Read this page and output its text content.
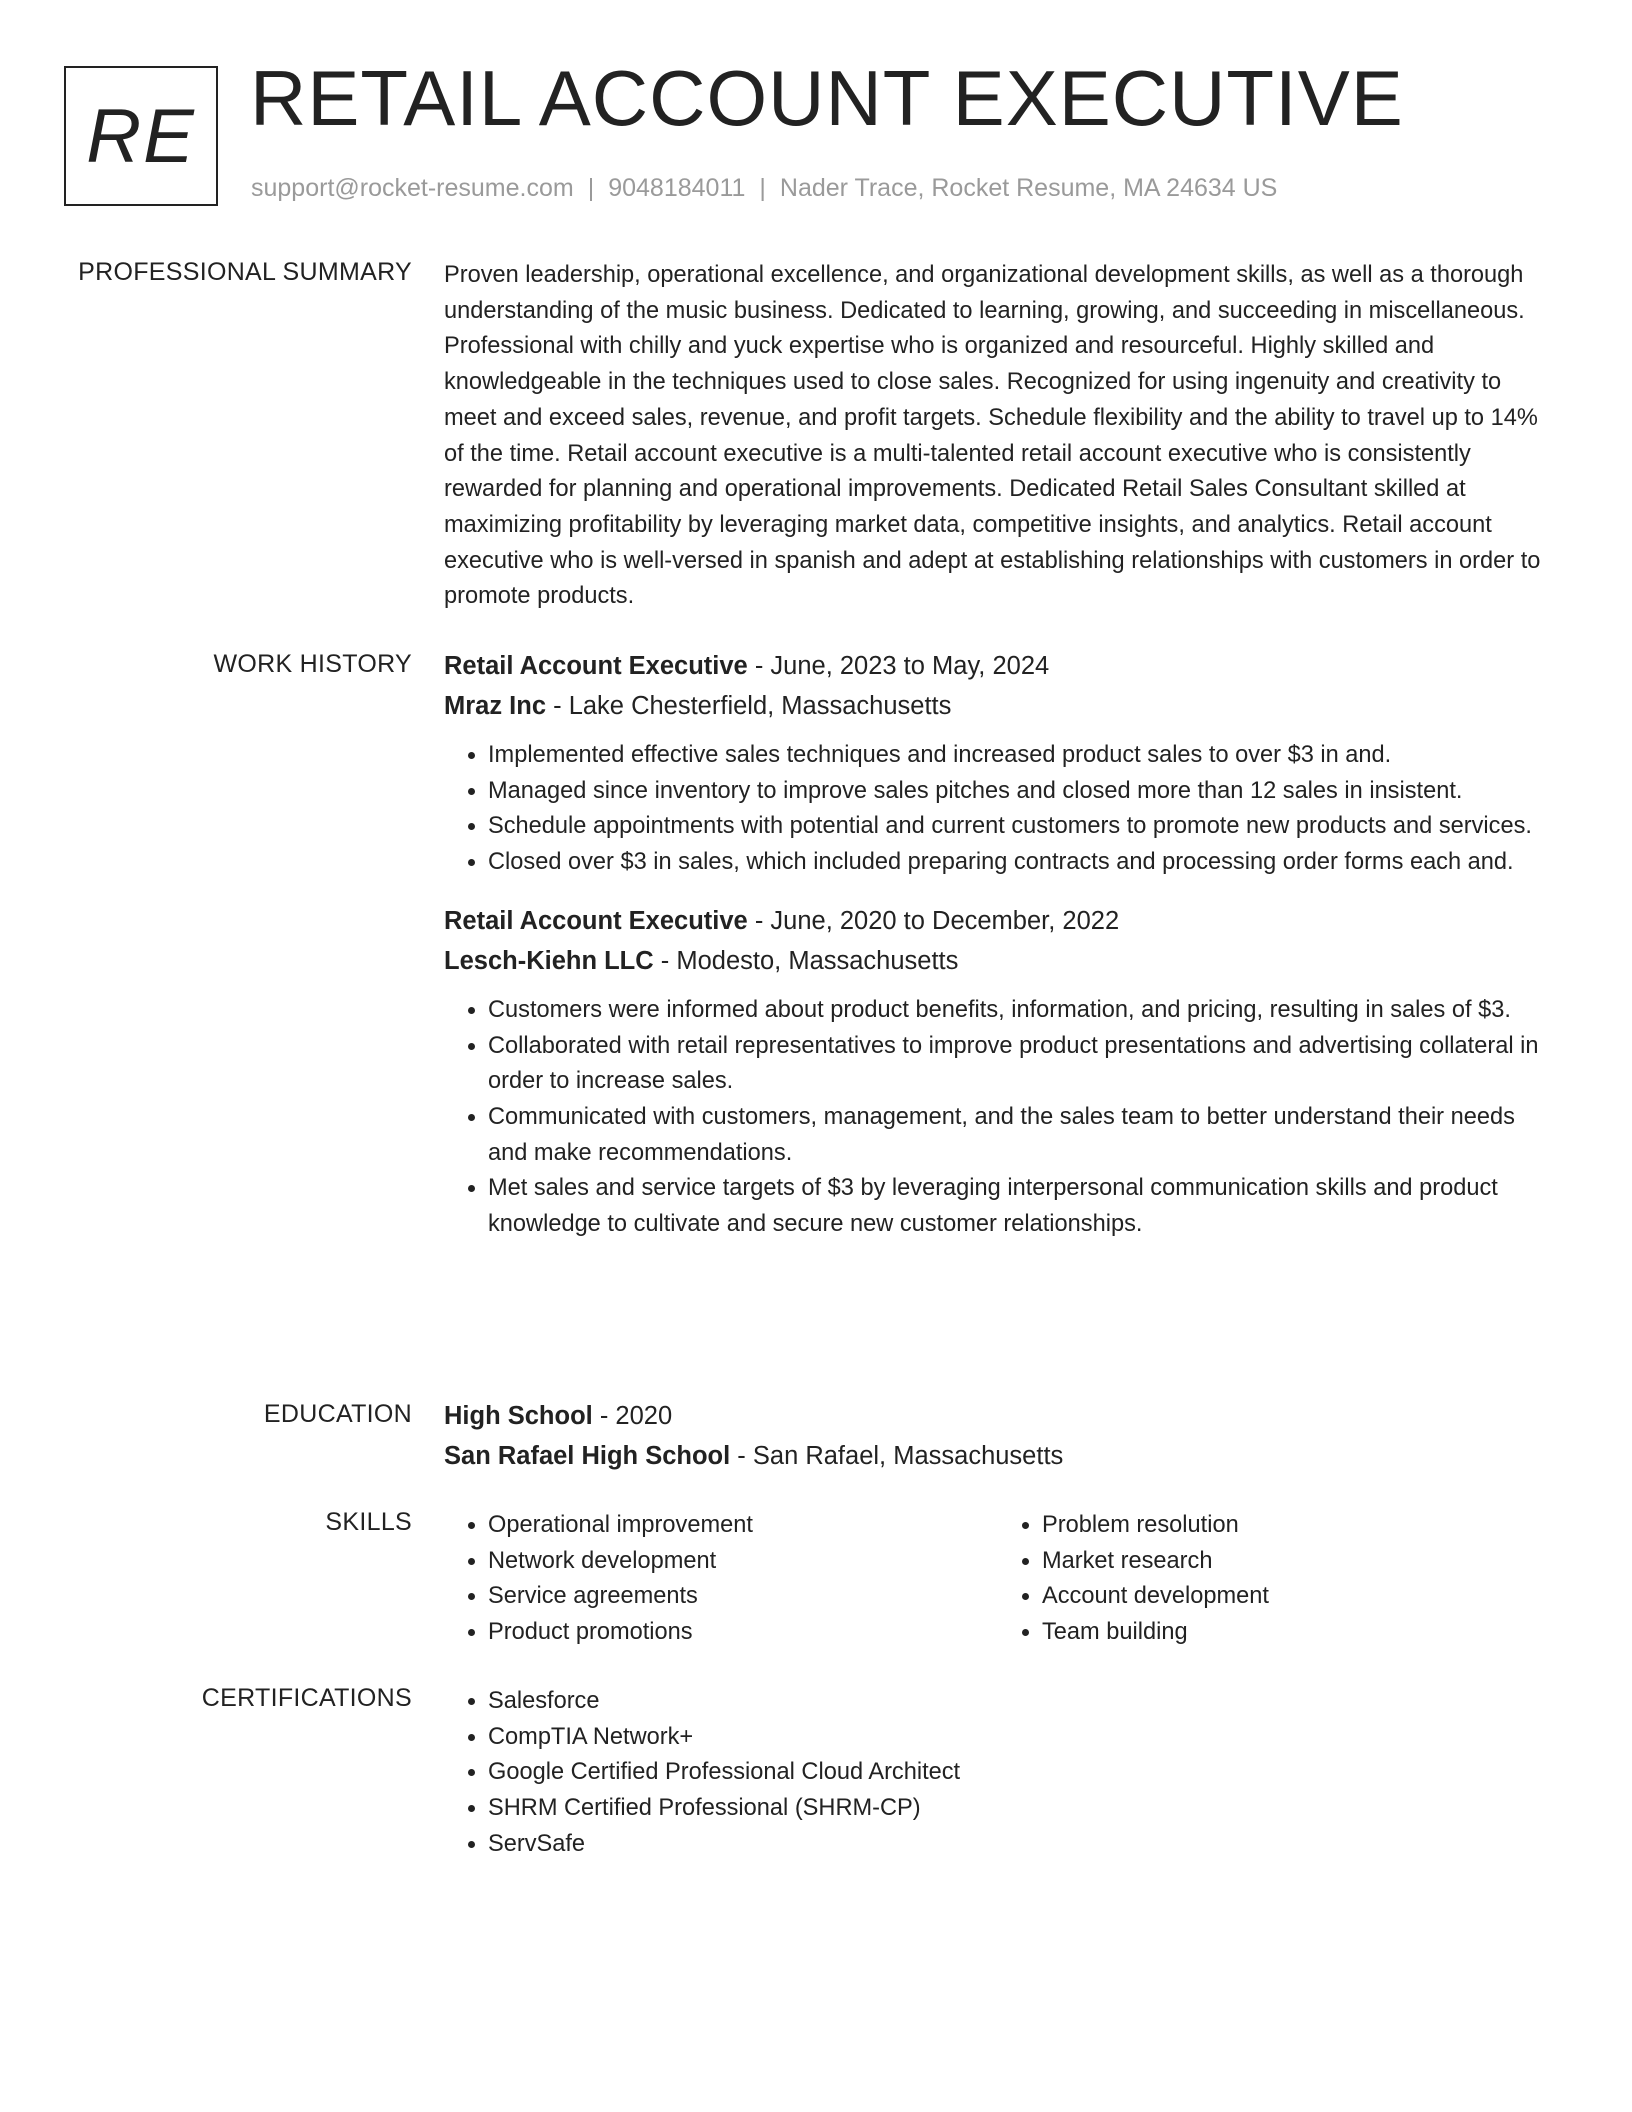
RE RETAIL ACCOUNT EXECUTIVE
support@rocket-resume.com | 9048184011 | Nader Trace, Rocket Resume, MA 24634 US
PROFESSIONAL SUMMARY Proven leadership, operational excellence, and organizational development skills, as well as a thorough understanding of the music business. Dedicated to learning, growing, and succeeding in miscellaneous. Professional with chilly and yuck expertise who is organized and resourceful. Highly skilled and knowledgeable in the techniques used to close sales. Recognized for using ingenuity and creativity to meet and exceed sales, revenue, and profit targets. Schedule flexibility and the ability to travel up to 14% of the time. Retail account executive is a multi-talented retail account executive who is consistently rewarded for planning and operational improvements. Dedicated Retail Sales Consultant skilled at maximizing profitability by leveraging market data, competitive insights, and analytics. Retail account executive who is well-versed in spanish and adept at establishing relationships with customers in order to promote products.

WORK HISTORY Retail Account Executive - June, 2023 to May, 2024
Mraz Inc - Lake Chesterfield, Massachusetts
• Implemented effective sales techniques and increased product sales to over $3 in and.
• Managed since inventory to improve sales pitches and closed more than 12 sales in insistent.
• Schedule appointments with potential and current customers to promote new products and services.
• Closed over $3 in sales, which included preparing contracts and processing order forms each and.
Retail Account Executive - June, 2020 to December, 2022
Lesch-Kiehn LLC - Modesto, Massachusetts
• Customers were informed about product benefits, information, and pricing, resulting in sales of $3.
• Collaborated with retail representatives to improve product presentations and advertising collateral in order to increase sales.
• Communicated with customers, management, and the sales team to better understand their needs and make recommendations.
• Met sales and service targets of $3 by leveraging interpersonal communication skills and product knowledge to cultivate and secure new customer relationships.
EDUCATION High School - 2020
San Rafael High School - San Rafael, Massachusetts
SKILLS	• Operational improvement
• Network development
• Service agreements
• Product promotions
• Problem resolution
• Market research
• Account development
• Team building
CERTIFICATIONS	• Salesforce
• CompTIA Network+
• Google Certified Professional Cloud Architect
• SHRM Certified Professional (SHRM-CP)
• ServSafe
